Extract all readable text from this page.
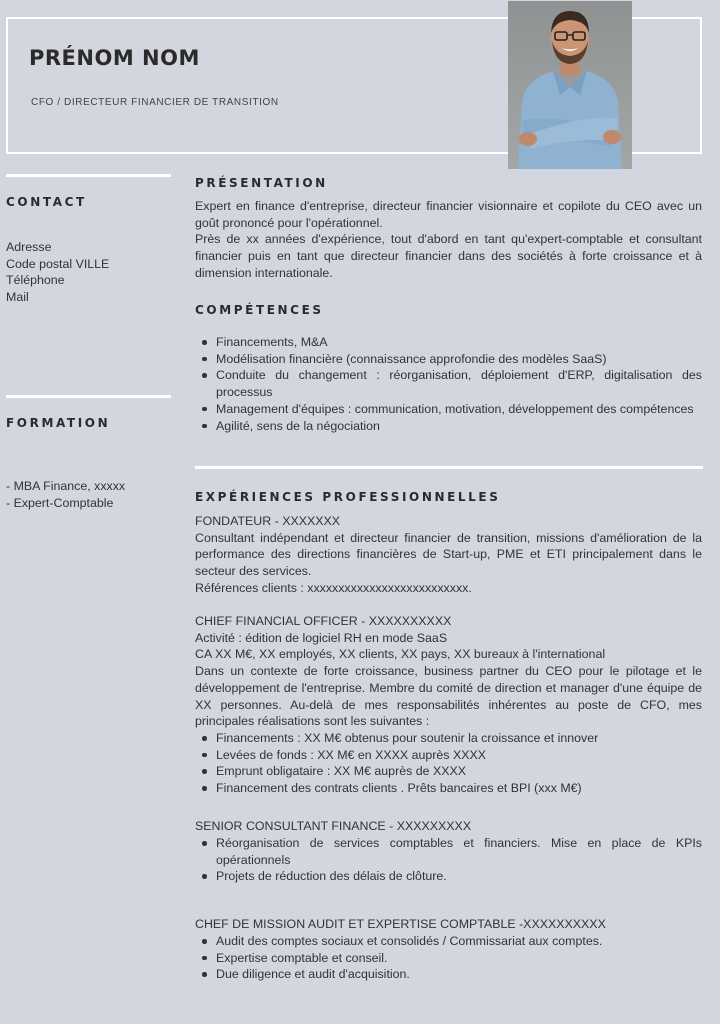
PRÉNOM NOM
CFO / DIRECTEUR FINANCIER DE TRANSITION
CONTACT
Adresse
Code postal VILLE
Téléphone
Mail
FORMATION
- MBA Finance, xxxxx
- Expert-Comptable
PRÉSENTATION
Expert en finance d'entreprise, directeur financier visionnaire et copilote du CEO avec un goût prononcé pour l'opérationnel.
Près de xx années d'expérience, tout d'abord en tant qu'expert-comptable et consultant financier puis en tant que directeur financier dans des sociétés à forte croissance et à dimension internationale.
COMPÉTENCES
Financements, M&A
Modélisation financière (connaissance approfondie des modèles SaaS)
Conduite du changement : réorganisation, déploiement d'ERP, digitalisation des processus
Management d'équipes : communication, motivation, développement des compétences
Agilité, sens de la négociation
EXPÉRIENCES PROFESSIONNELLES
FONDATEUR - XXXXXXX
Consultant indépendant et directeur financier de transition, missions d'amélioration de la performance des directions financières de Start-up, PME et ETI principalement dans le secteur des services.
Références clients : xxxxxxxxxxxxxxxxxxxxxxxxxx.
CHIEF FINANCIAL OFFICER - XXXXXXXXXX
Activité : édition de logiciel RH en mode SaaS
CA XX M€, XX employés, XX clients, XX pays, XX bureaux à l'international
Dans un contexte de forte croissance, business partner du CEO pour le pilotage et le développement de l'entreprise. Membre du comité de direction et manager d'une équipe de XX personnes. Au-delà de mes responsabilités inhérentes au poste de CFO, mes principales réalisations sont les suivantes :
Financements : XX M€ obtenus pour soutenir la croissance et innover
Levées de fonds : XX M€ en XXXX auprès XXXX
Emprunt obligataire : XX M€ auprès de XXXX
Financement des contrats clients . Prêts bancaires et BPI (xxx M€)
SENIOR CONSULTANT FINANCE - XXXXXXXXX
Réorganisation de services comptables et financiers. Mise en place de KPIs opérationnels
Projets de réduction des délais de clôture.
CHEF DE MISSION AUDIT ET EXPERTISE COMPTABLE -XXXXXXXXXX
Audit des comptes sociaux et consolidés / Commissariat aux comptes.
Expertise comptable et conseil.
Due diligence et audit d'acquisition.
